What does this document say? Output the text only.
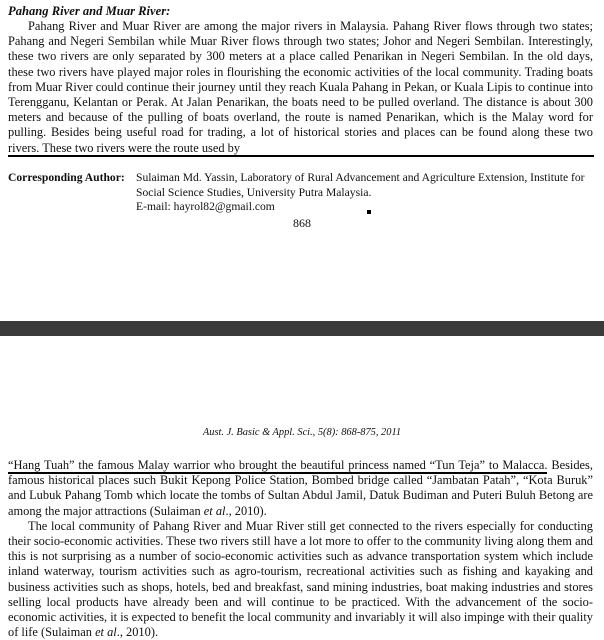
Pahang River and Muar River:
Pahang River and Muar River are among the major rivers in Malaysia. Pahang River flows through two states; Pahang and Negeri Sembilan while Muar River flows through two states; Johor and Negeri Sembilan. Interestingly, these two rivers are only separated by 300 meters at a place called Penarikan in Negeri Sembilan. In the old days, these two rivers have played major roles in flourishing the economic activities of the local community. Trading boats from Muar River could continue their journey until they reach Kuala Pahang in Pekan, or Kuala Lipis to continue into Terengganu, Kelantan or Perak. At Jalan Penarikan, the boats need to be pulled overland. The distance is about 300 meters and because of the pulling of boats overland, the route is named Penarikan, which is the Malay word for pulling. Besides being useful road for trading, a lot of historical stories and places can be found along these two rivers. These two rivers were the route used by
Corresponding Author: Sulaiman Md. Yassin, Laboratory of Rural Advancement and Agriculture Extension, Institute for Social Science Studies, University Putra Malaysia.
E-mail: hayrol82@gmail.com
868
Aust. J. Basic & Appl. Sci., 5(8): 868-875, 2011
“Hang Tuah” the famous Malay warrior who brought the beautiful princess named “Tun Teja” to Malacca. Besides, famous historical places such Bukit Kepong Police Station, Bombed bridge called “Jambatan Patah”, “Kota Buruk” and Lubuk Pahang Tomb which locate the tombs of Sultan Abdul Jamil, Datuk Budiman and Puteri Buluh Betong are among the major attractions (Sulaiman et al., 2010).
The local community of Pahang River and Muar River still get connected to the rivers especially for conducting their socio-economic activities. These two rivers still have a lot more to offer to the community living along them and this is not surprising as a number of socio-economic activities such as advance transportation system which include inland waterway, tourism activities such as agro-tourism, recreational activities such as fishing and kayaking and business activities such as shops, hotels, bed and breakfast, sand mining industries, boat making industries and stores selling local products have already been and will continue to be practiced. With the advancement of the socio-economic activities, it is expected to benefit the local community and invariably it will also impinge with their quality of life (Sulaiman et al., 2010).
